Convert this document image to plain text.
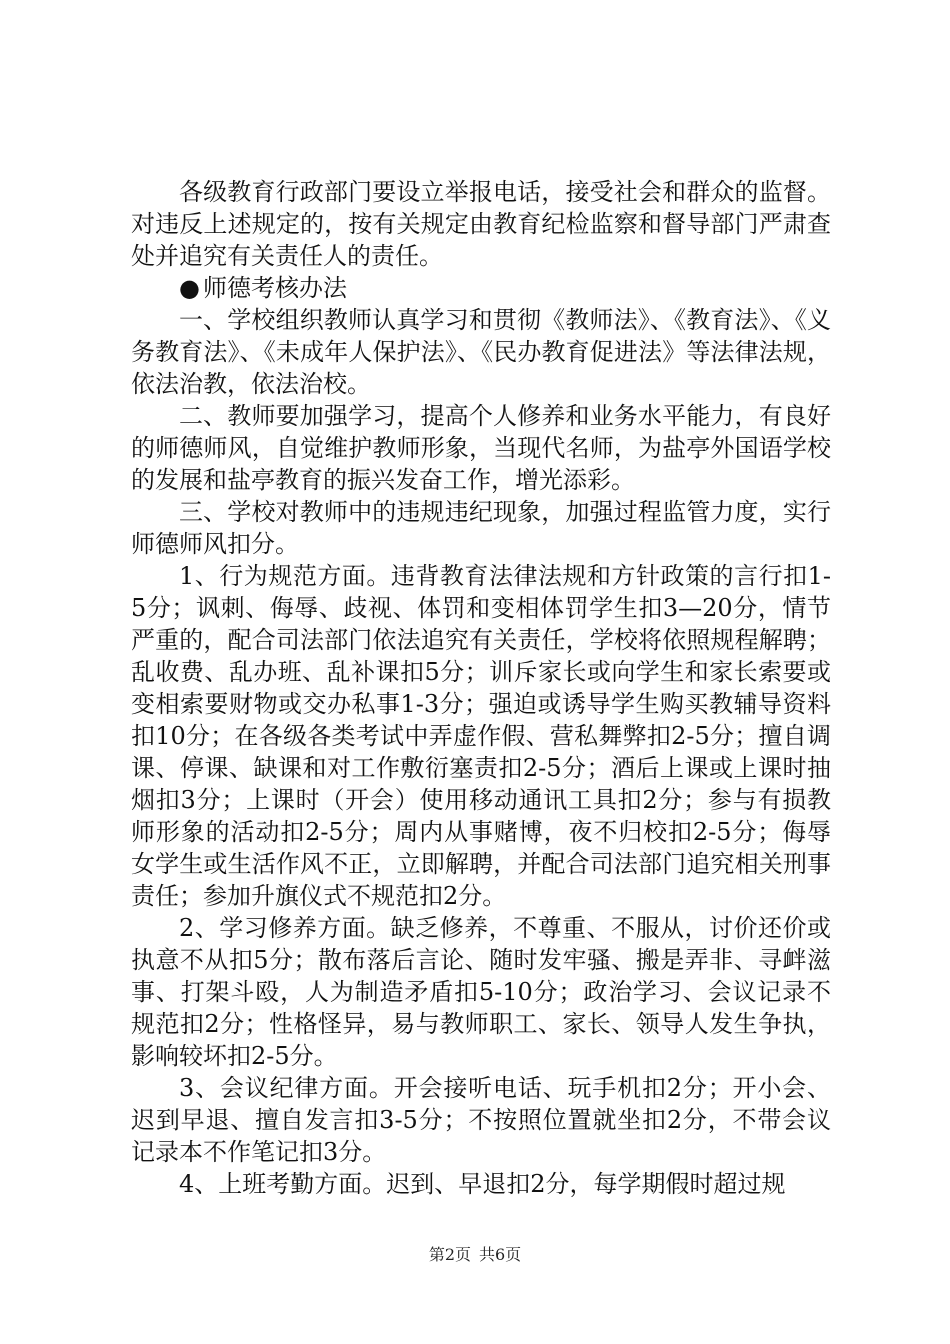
各级教育行政部门要设立举报电话，接受社会和群众的监督。对违反上述规定的，按有关规定由教育纪检监察和督导部门严肃查处并追究有关责任人的责任。

● 师德考核办法

一、学校组织教师认真学习和贯彻《教师法》、《教育法》、《义务教育法》、《未成年人保护法》、《民办教育促进法》等法律法规，依法治教，依法治校。

二、教师要加强学习，提高个人修养和业务水平能力，有良好的师德师风，自觉维护教师形象，当现代名师，为盐亭外国语学校的发展和盐亭教育的振兴发奋工作，增光添彩。

三、学校对教师中的违规违纪现象，加强过程监管力度，实行师德师风扣分。

1、行为规范方面。违背教育法律法规和方针政策的言行扣1-5分；讽刺、侮辱、歧视、体罚和变相体罚学生扣3—20分，情节严重的，配合司法部门依法追究有关责任，学校将依照规程解聘；乱收费、乱办班、乱补课扣5分；训斥家长或向学生和家长索要或变相索要财物或交办私事1-3分；强迫或诱导学生购买教辅导资料扣10分；在各级各类考试中弄虚作假、营私舞弊扣2-5分；擅自调课、停课、缺课和对工作敷衍塞责扣2-5分；酒后上课或上课时抽烟扣3分；上课时（开会）使用移动通讯工具扣2分；参与有损教师形象的活动扣2-5分；周内从事赌博，夜不归校扣2-5分；侮辱女学生或生活作风不正，立即解聘，并配合司法部门追究相关刑事责任；参加升旗仪式不规范扣2分。

2、学习修养方面。缺乏修养，不尊重、不服从，讨价还价或执意不从扣5分；散布落后言论、随时发牢骚、搬是弄非、寻衅滋事、打架斗殴，人为制造矛盾扣5-10分；政治学习、会议记录不规范扣2分；性格怪异，易与教师职工、家长、领导人发生争执，影响较坏扣2-5分。

3、会议纪律方面。开会接听电话、玩手机扣2分；开小会、迟到早退、擅自发言扣3-5分；不按照位置就坐扣2分，不带会议记录本不作笔记扣3分。

4、上班考勤方面。迟到、早退扣2分，每学期假时超过规

第2页 共6页
